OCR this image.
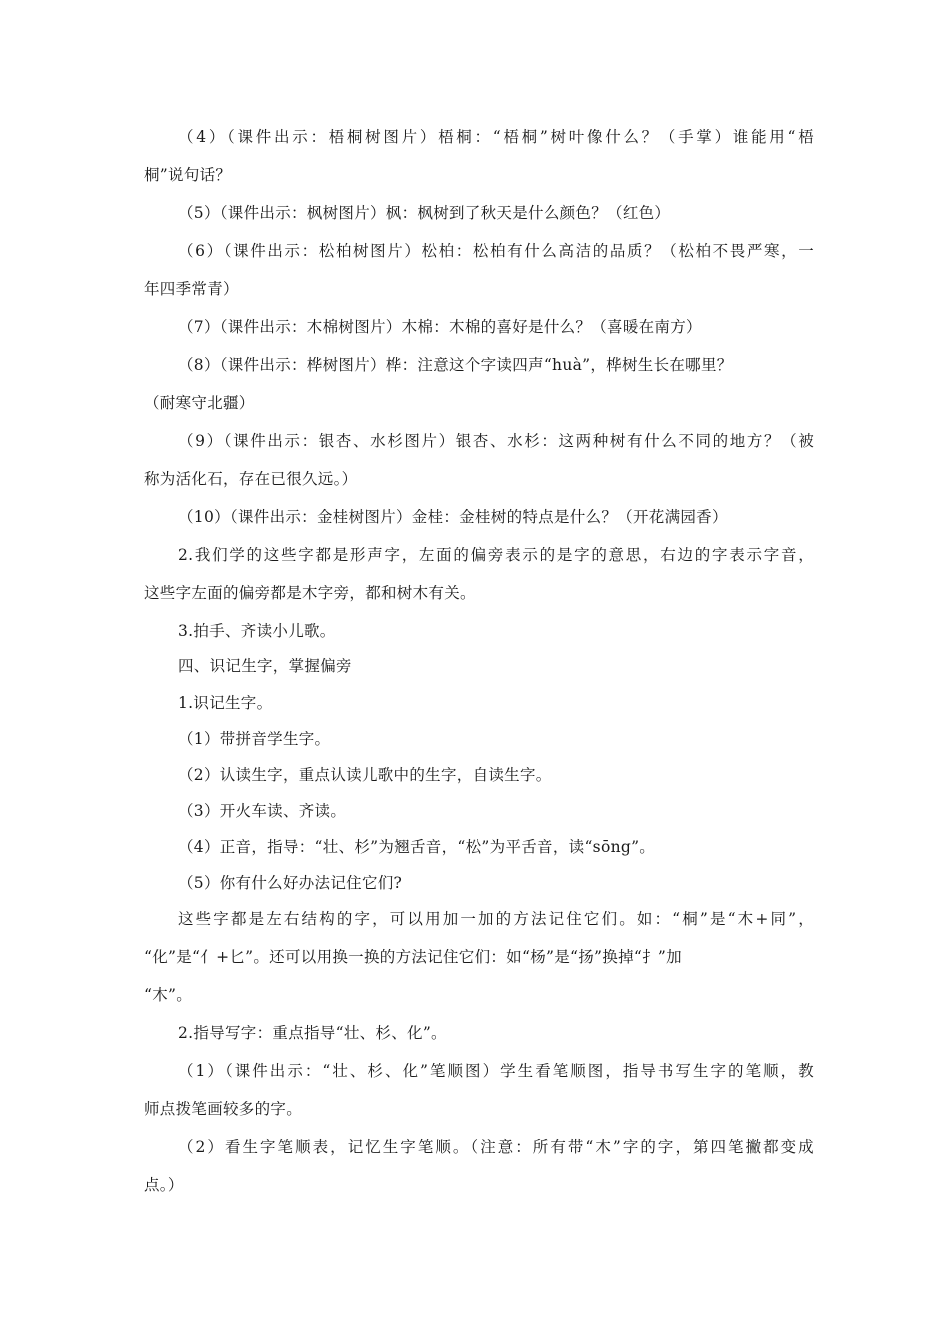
（4）（课件出示：梧桐树图片）梧桐：“梧桐”树叶像什么？（手掌）谁能用“梧
桐”说句话？
（5）（课件出示：枫树图片）枫：枫树到了秋天是什么颜色？（红色）
（6）（课件出示：松柏树图片）松柏：松柏有什么高洁的品质？（松柏不畏严寒，一
年四季常青）
（7）（课件出示：木棉树图片）木棉：木棉的喜好是什么？（喜暖在南方）
（8）（课件出示：桦树图片）桦：注意这个字读四声“huà”，桦树生长在哪里？
（耐寒守北疆）
（9）（课件出示：银杏、水杉图片）银杏、水杉：这两种树有什么不同的地方？（被
称为活化石，存在已很久远。）
（10）（课件出示：金桂树图片）金桂：金桂树的特点是什么？（开花满园香）
2.我们学的这些字都是形声字，左面的偏旁表示的是字的意思，右边的字表示字音，
这些字左面的偏旁都是木字旁，都和树木有关。
3.拍手、齐读小儿歌。
四、识记生字，掌握偏旁
1.识记生字。
（1）带拼音学生字。
（2）认读生字，重点认读儿歌中的生字，自读生字。
（3）开火车读、齐读。
（4）正音，指导：“壮、杉”为翘舌音，“松”为平舌音，读“sōng”。
（5）你有什么好办法记住它们?
这些字都是左右结构的字，可以用加一加的方法记住它们。如：“桐”是“木+同”，
“化”是“亻+匕”。还可以用换一换的方法记住它们：如“杨”是“扬”换掉“扌”加
“木”。
2.指导写字：重点指导“壮、杉、化”。
（1）（课件出示：“壮、杉、化”笔顺图）学生看笔顺图，指导书写生字的笔顺，教
师点拨笔画较多的字。
（2）看生字笔顺表，记忆生字笔顺。（注意：所有带“木”字的字，第四笔撇都变成
点。）
